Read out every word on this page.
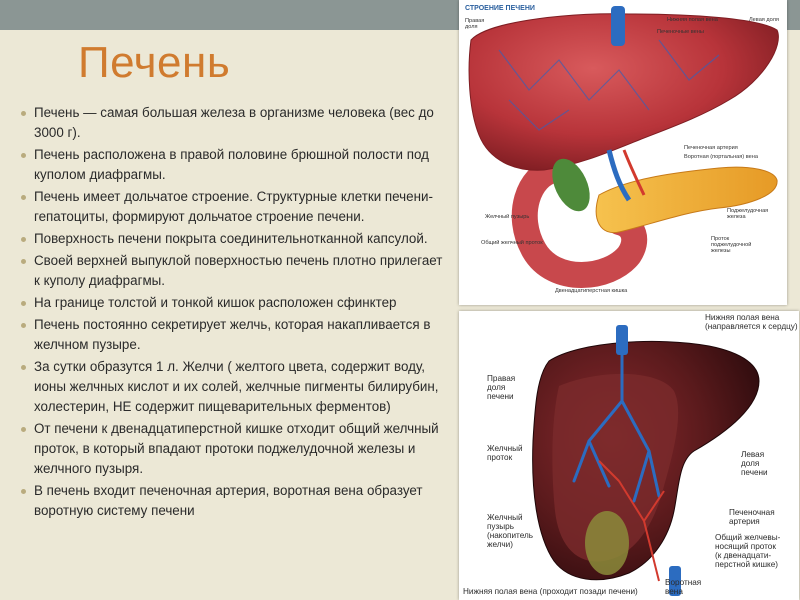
Печень
Печень — самая большая железа в организме человека (вес до 3000 г).
Печень расположена в правой половине брюшной полости под куполом диафрагмы.
Печень имеет дольчатое строение. Структурные клетки печени- гепатоциты, формируют дольчатое строение печени.
Поверхность печени покрыта соединительнотканной капсулой.
Своей верхней выпуклой поверхностью печень плотно прилегает к куполу диафрагмы.
На границе толстой и тонкой кишок расположен сфинктер
Печень постоянно секретирует желчь, которая накапливается в желчном пузыре.
За сутки образутся 1 л. Желчи ( желтого цвета, содержит воду, ионы желчных кислот и их солей, желчные пигменты билирубин, холестерин, НЕ содержит пищеварительных ферментов)
От печени к двенадцатиперстной кишке отходит общий желчный проток, в который впадают протоки поджелудочной железы и желчного пузыря.
В печень входит печеночная артерия, воротная вена образует воротную систему печени
СТРОЕНИЕ ПЕЧЕНИ
Правая
доля
Нижняя полая вена
Печеночные вены
Левая доля
Печеночная артерия
Воротная (портальная) вена
Желчный пузырь
Поджелудочная
железа
Общий желчный проток
Проток
поджелудочной
железы
Двенадцатиперстная кишка
Нижняя полая вена
(направляется к сердцу)
Правая
доля
печени
Желчный
проток	Левая
доля
печени
Желчный
пузырь
(накопитель
желчи)
Печеночная
артерия
Общий желчевы-
носящий проток
(к двенадцати-
перстной кишке)
Нижняя полая вена (проходит позади печени)
Воротная
вена
